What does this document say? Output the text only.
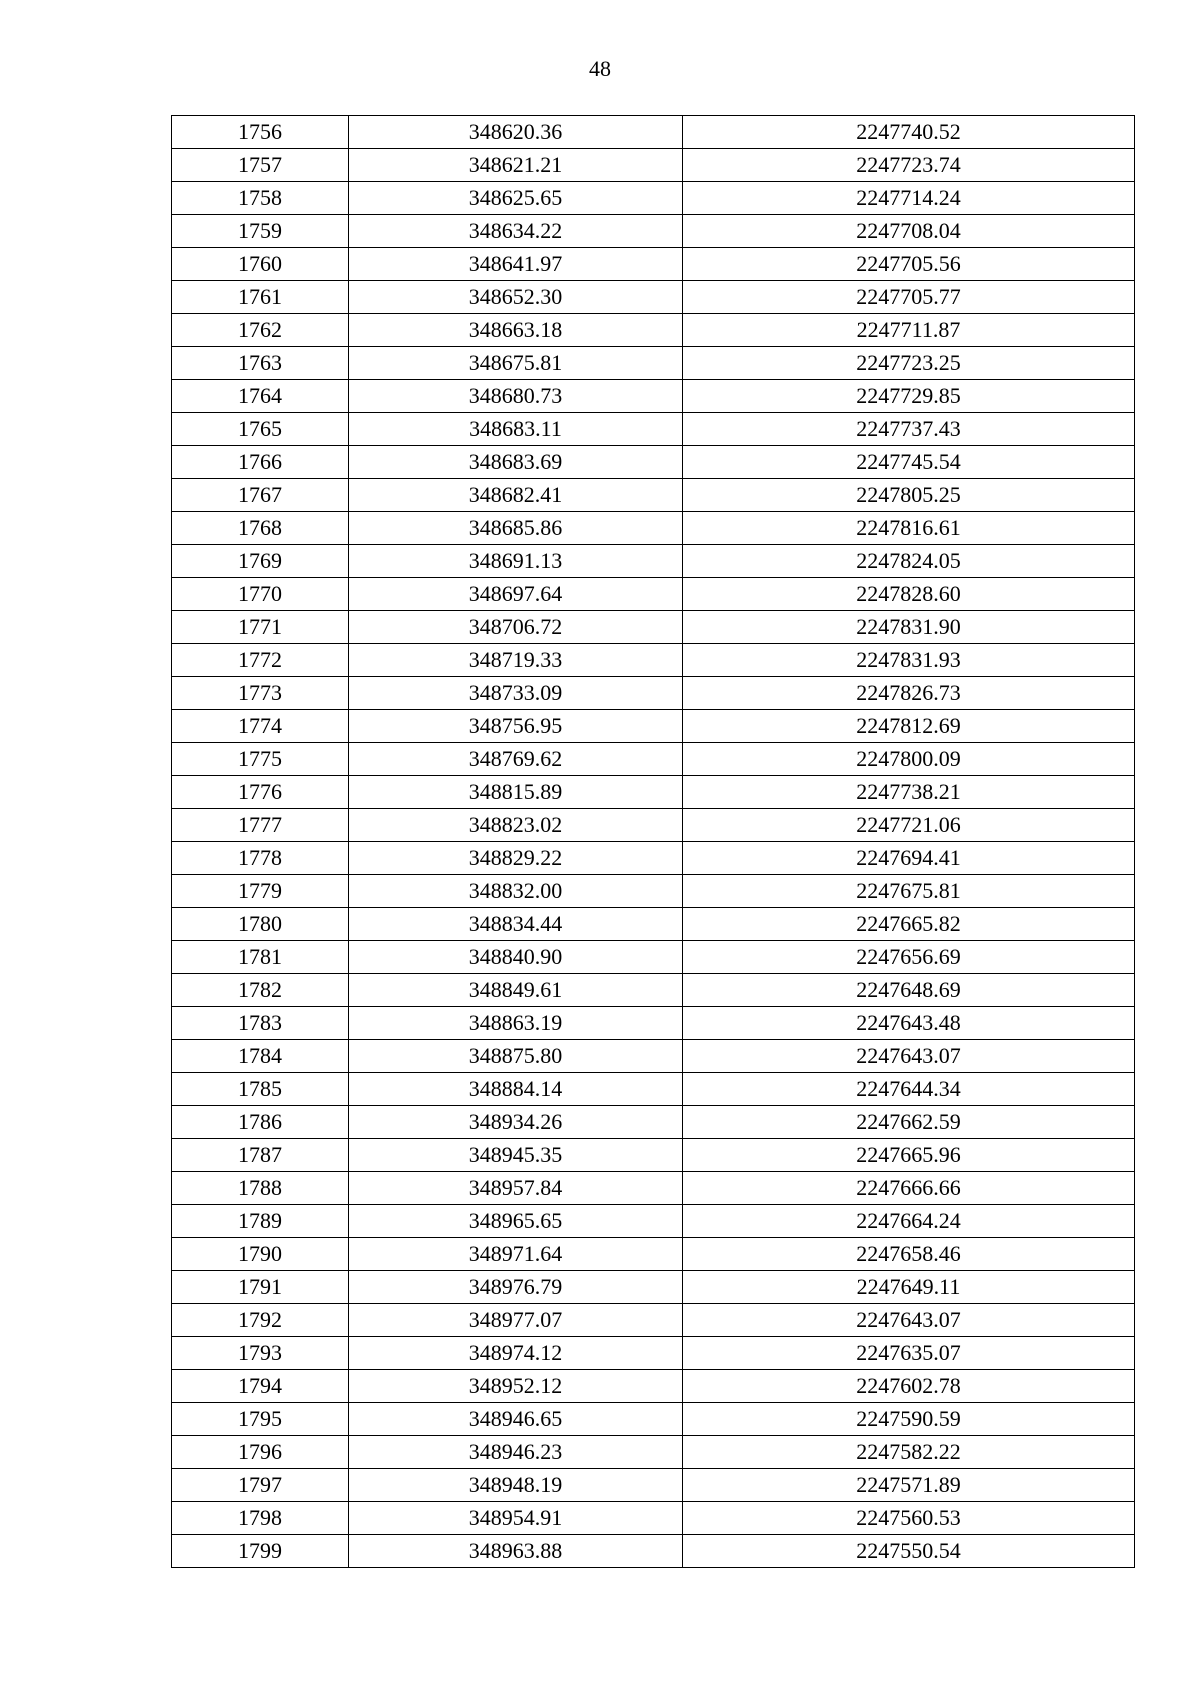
48
1756	348620.36	2247740.52
1757	348621.21	2247723.74
1758	348625.65	2247714.24
1759	348634.22	2247708.04
1760	348641.97	2247705.56
1761	348652.30	2247705.77
1762	348663.18	2247711.87
1763	348675.81	2247723.25
1764	348680.73	2247729.85
1765	348683.11	2247737.43
1766	348683.69	2247745.54
1767	348682.41	2247805.25
1768	348685.86	2247816.61
1769	348691.13	2247824.05
1770	348697.64	2247828.60
1771	348706.72	2247831.90
1772	348719.33	2247831.93
1773	348733.09	2247826.73
1774	348756.95	2247812.69
1775	348769.62	2247800.09
1776	348815.89	2247738.21
1777	348823.02	2247721.06
1778	348829.22	2247694.41
1779	348832.00	2247675.81
1780	348834.44	2247665.82
1781	348840.90	2247656.69
1782	348849.61	2247648.69
1783	348863.19	2247643.48
1784	348875.80	2247643.07
1785	348884.14	2247644.34
1786	348934.26	2247662.59
1787	348945.35	2247665.96
1788	348957.84	2247666.66
1789	348965.65	2247664.24
1790	348971.64	2247658.46
1791	348976.79	2247649.11
1792	348977.07	2247643.07
1793	348974.12	2247635.07
1794	348952.12	2247602.78
1795	348946.65	2247590.59
1796	348946.23	2247582.22
1797	348948.19	2247571.89
1798	348954.91	2247560.53
1799	348963.88	2247550.54
